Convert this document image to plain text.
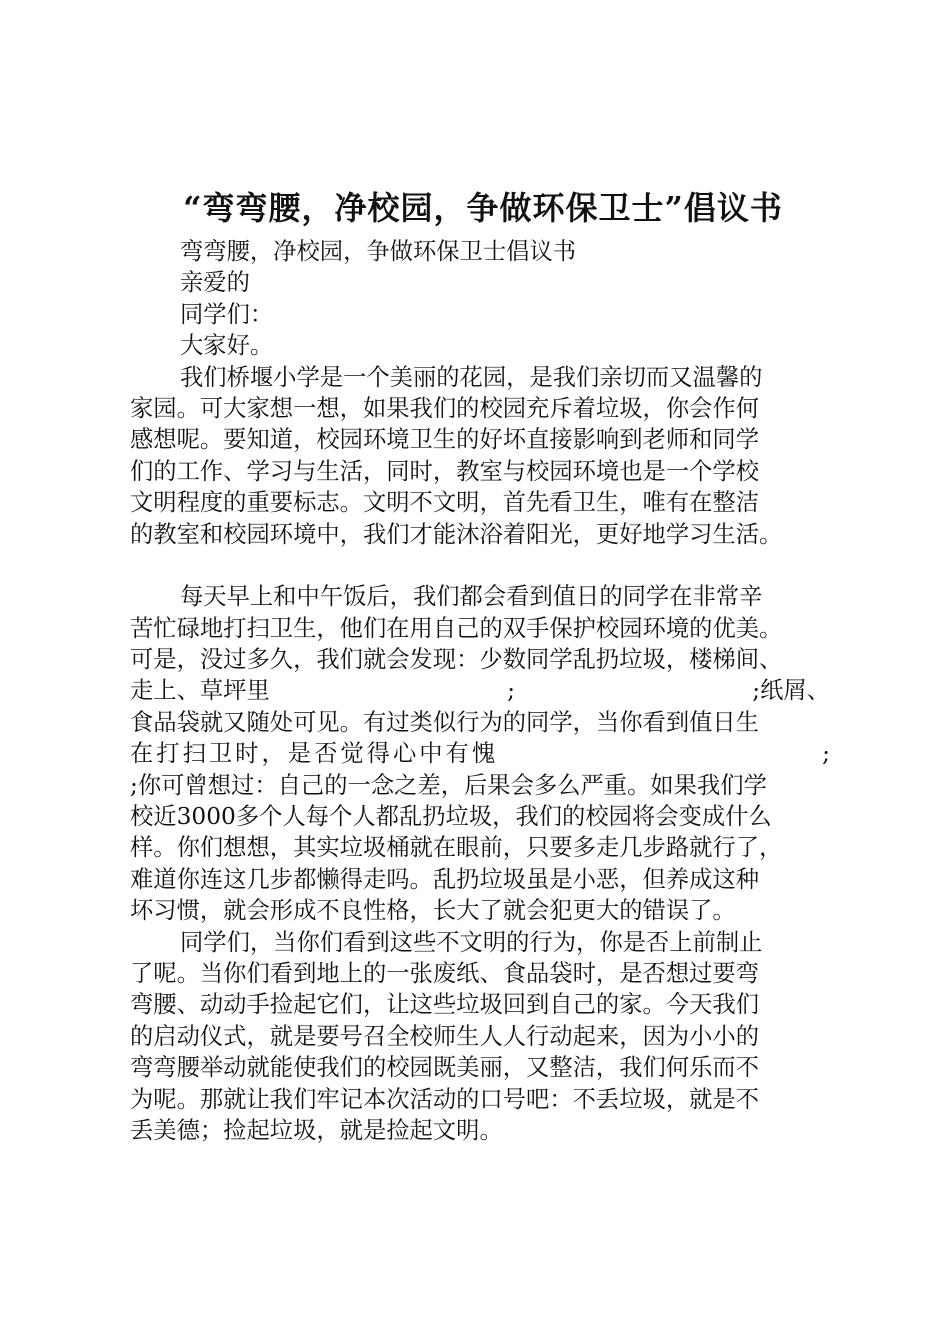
“弯弯腰，净校园，争做环保卫士”倡议书
弯弯腰，净校园，争做环保卫士倡议书
亲爱的
同学们：
大家好。
我们桥堰小学是一个美丽的花园，是我们亲切而又温馨的
家园。可大家想一想，如果我们的校园充斥着垃圾，你会作何
感想呢。要知道，校园环境卫生的好坏直接影响到老师和同学
们的工作、学习与生活，同时，教室与校园环境也是一个学校
文明程度的重要标志。文明不文明，首先看卫生，唯有在整洁
的教室和校园环境中，我们才能沐浴着阳光，更好地学习生活。
每天早上和中午饭后，我们都会看到值日的同学在非常辛
苦忙碌地打扫卫生，他们在用自己的双手保护校园环境的优美。
可是，没过多久，我们就会发现：少数同学乱扔垃圾，楼梯间、
走上、草坪里	;	;纸屑、
食品袋就又随处可见。有过类似行为的同学，当你看到值日生
在打扫卫时，是否觉得心中有愧	;
;你可曾想过：自己的一念之差，后果会多么严重。如果我们学
校近3000多个人每个人都乱扔垃圾，我们的校园将会变成什么
样。你们想想，其实垃圾桶就在眼前，只要多走几步路就行了，
难道你连这几步都懒得走吗。乱扔垃圾虽是小恶，但养成这种
坏习惯，就会形成不良性格，长大了就会犯更大的错误了。
同学们，当你们看到这些不文明的行为，你是否上前制止
了呢。当你们看到地上的一张废纸、食品袋时，是否想过要弯
弯腰、动动手捡起它们，让这些垃圾回到自己的家。今天我们
的启动仪式，就是要号召全校师生人人行动起来，因为小小的
弯弯腰举动就能使我们的校园既美丽，又整洁，我们何乐而不
为呢。那就让我们牢记本次活动的口号吧：不丢垃圾，就是不
丢美德；捡起垃圾，就是捡起文明。
